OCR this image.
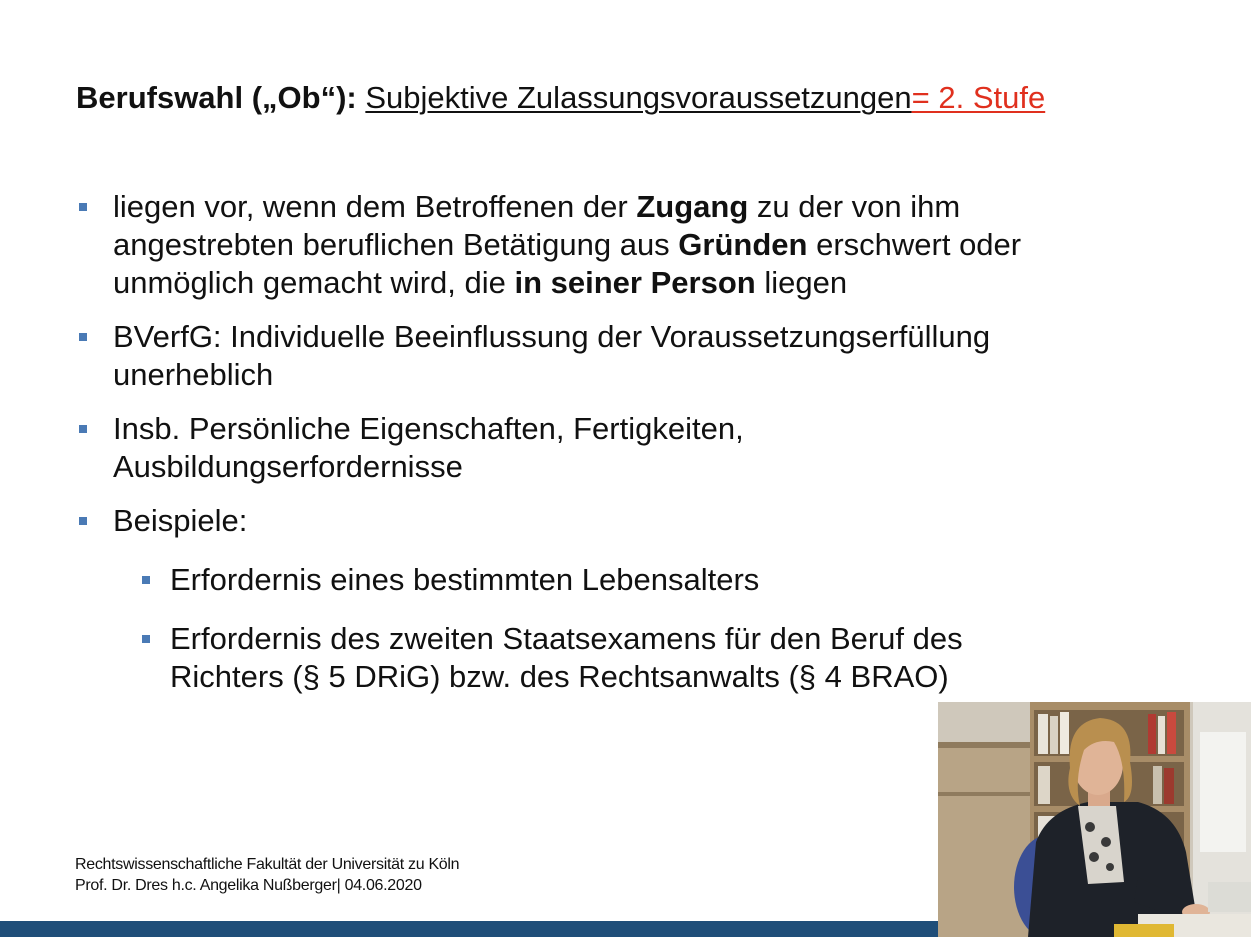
Berufswahl („Ob“): Subjektive Zulassungsvoraussetzungen= 2. Stufe
liegen vor, wenn dem Betroffenen der Zugang zu der von ihm
angestrebten beruflichen Betätigung aus Gründen erschwert oder
unmöglich gemacht wird, die in seiner Person liegen
BVerfG: Individuelle Beeinflussung der Voraussetzungserfüllung
unerheblich
Insb. Persönliche Eigenschaften, Fertigkeiten,
Ausbildungserfordernisse
Beispiele:
Erfordernis eines bestimmten Lebensalters
Erfordernis des zweiten Staatsexamens für den Beruf des
Richters (§ 5 DRiG) bzw. des Rechtsanwalts (§ 4 BRAO)
Rechtswissenschaftliche Fakultät der Universität zu Köln
Prof. Dr. Dres h.c. Angelika Nußberger| 04.06.2020
